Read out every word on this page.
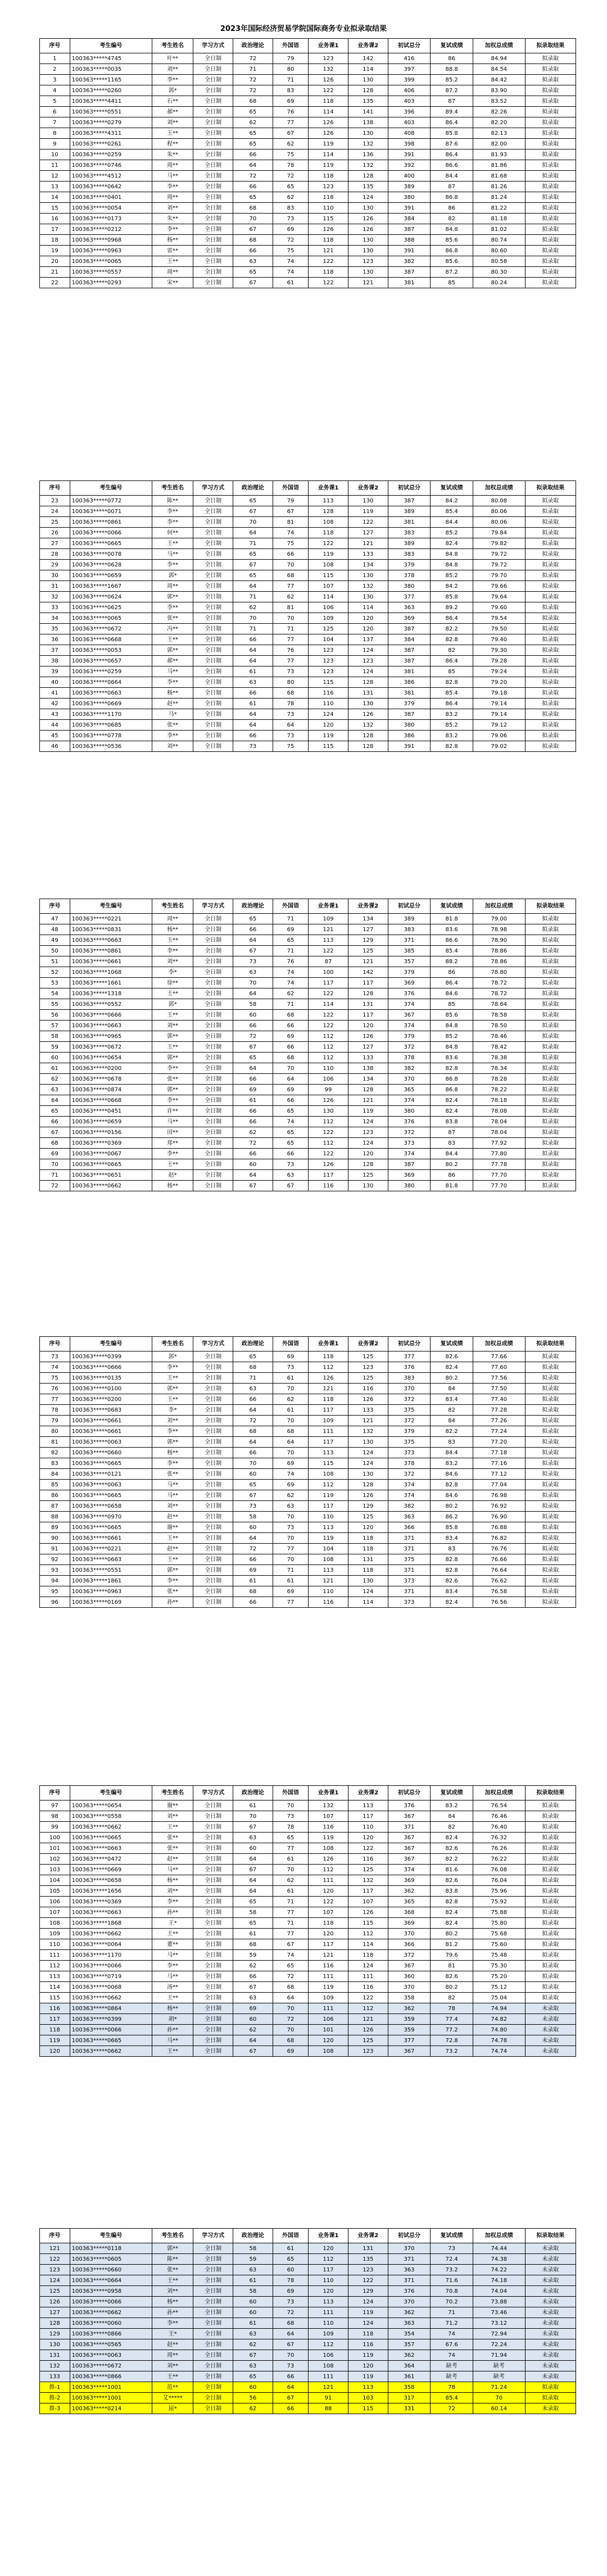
2023年国际经济贸易学院国际商务专业拟录取结果
序号	考生编号	考生姓名	学习方式	政治理论	外国语	业务课1	业务课2	初试总分	复试成绩	加权总成绩	拟录取结果
1	100363*****4745	叶**	全日制	72	79	123	142	416	86	84.94	拟录取
2	100363*****0035	刘**	全日制	71	80	132	114	397	88.8	84.54	拟录取
3	100363*****1165	李**	全日制	72	71	126	130	399	85.2	84.42	拟录取
4	100363*****0260	郭*	全日制	72	83	122	128	406	87.2	83.90	拟录取
5	100363*****4411	石**	全日制	68	69	118	135	403	87	83.52	拟录取
6	100363*****0551	郝**	全日制	65	76	114	141	396	89.4	82.26	拟录取
7	100363*****0279	刘**	全日制	62	77	126	138	403	86.4	82.20	拟录取
8	100363*****4311	王**	全日制	65	67	126	130	408	85.8	82.13	拟录取
9	100363*****0261	程**	全日制	65	62	119	132	398	87.6	82.00	拟录取
10	100363*****0259	朱**	全日制	66	75	114	136	391	86.4	81.93	拟录取
11	100363*****0746	周**	全日制	64	78	119	132	392	86.6	81.86	拟录取
12	100363*****4512	马**	全日制	72	72	118	128	400	84.4	81.68	拟录取
13	100363*****0642	李**	全日制	66	65	123	135	389	87	81.26	拟录取
14	100363*****0401	周**	全日制	65	62	118	124	380	86.8	81.24	拟录取
15	100363*****0054	刘**	全日制	68	83	110	130	391	86	81.22	拟录取
16	100363*****0173	朱**	全日制	70	73	115	126	384	82	81.18	拟录取
17	100363*****0212	李**	全日制	67	69	126	126	387	84.8	81.02	拟录取
18	100363*****0968	杨**	全日制	68	72	118	130	388	85.6	80.74	拟录取
19	100363*****0963	雷**	全日制	66	75	121	130	391	86.8	80.60	拟录取
20	100363*****0065	王**	全日制	63	74	122	123	382	85.6	80.58	拟录取
21	100363*****0557	周**	全日制	65	74	118	130	387	87.2	80.30	拟录取
22	100363*****0293	宋**	全日制	67	61	122	121	381	85	80.24	拟录取
序号	考生编号	考生姓名	学习方式	政治理论	外国语	业务课1	业务课2	初试总分	复试成绩	加权总成绩	拟录取结果
23	100363*****0772	陈**	全日制	65	79	113	130	387	84.2	80.08	拟录取
24	100363*****0071	李**	全日制	67	67	128	119	389	85.4	80.06	拟录取
25	100363*****0861	李**	全日制	70	81	108	122	381	84.4	80.06	拟录取
26	100363*****0066	何**	全日制	64	74	118	127	383	85.2	79.84	拟录取
27	100363*****0665	王**	全日制	71	75	122	121	389	82.4	79.82	拟录取
28	100363*****0078	马**	全日制	65	66	119	133	383	84.8	79.72	拟录取
29	100363*****0628	李**	全日制	67	70	108	134	379	84.8	79.72	拟录取
30	100363*****0659	郭*	全日制	65	68	115	130	378	85.2	79.70	拟录取
31	100363*****1667	周**	全日制	64	77	107	132	380	84.2	79.66	拟录取
32	100363*****0624	郭**	全日制	71	62	114	130	377	85.8	79.64	拟录取
33	100363*****0625	李**	全日制	62	81	106	114	363	89.2	79.60	拟录取
34	100363*****0065	张**	全日制	70	70	109	120	369	86.4	79.54	拟录取
35	100363*****0672	冯**	全日制	71	71	125	120	387	82.2	79.50	拟录取
36	100363*****0668	王**	全日制	66	77	104	137	384	82.8	79.40	拟录取
37	100363*****0053	郭**	全日制	64	76	123	124	387	82	79.30	拟录取
38	100363*****0657	郝**	全日制	64	77	123	123	387	86.4	79.28	拟录取
39	100363*****0259	马**	全日制	61	73	123	124	381	85	79.24	拟录取
40	100363*****0664	李**	全日制	63	80	115	128	386	82.8	79.20	拟录取
41	100363*****0663	杨**	全日制	66	68	116	131	381	85.4	79.18	拟录取
42	100363*****0669	赵**	全日制	61	78	110	130	379	86.4	79.14	拟录取
43	100363*****1170	马*	全日制	64	73	124	126	387	83.2	79.14	拟录取
44	100363*****0685	张**	全日制	64	64	120	132	380	85.2	79.12	拟录取
45	100363*****0778	李**	全日制	66	73	119	128	386	83.2	79.06	拟录取
46	100363*****0536	刘**	全日制	73	75	115	128	391	82.8	79.02	拟录取
序号	考生编号	考生姓名	学习方式	政治理论	外国语	业务课1	业务课2	初试总分	复试成绩	加权总成绩	拟录取结果
47	100363*****0221	周**	全日制	65	71	109	134	389	81.8	79.00	拟录取
48	100363*****0831	杨**	全日制	66	69	121	127	383	83.6	78.98	拟录取
49	100363*****0663	王**	全日制	64	65	113	129	371	86.6	78.90	拟录取
50	100363*****0861	李**	全日制	67	71	122	125	385	85.4	78.86	拟录取
51	100363*****0661	刘**	全日制	73	76	87	121	357	88.2	78.86	拟录取
52	100363*****1068	李*	全日制	63	74	100	142	379	86	78.80	拟录取
53	100363*****1661	徐**	全日制	70	74	117	117	369	86.4	78.72	拟录取
54	100363*****1318	王**	全日制	64	62	122	128	376	84.6	78.72	拟录取
55	100363*****0552	郭*	全日制	58	71	114	131	374	85	78.64	拟录取
56	100363*****0666	王**	全日制	60	68	122	117	367	85.6	78.58	拟录取
57	100363*****0663	刘**	全日制	66	66	122	120	374	84.8	78.50	拟录取
58	100363*****0965	郭**	全日制	72	69	112	126	379	85.2	78.46	拟录取
59	100363*****0672	王**	全日制	67	66	112	127	372	84.8	78.42	拟录取
60	100363*****0654	郭**	全日制	65	68	112	133	378	83.6	78.38	拟录取
61	100363*****0200	李**	全日制	64	70	110	138	382	82.8	78.34	拟录取
62	100363*****0678	张**	全日制	66	64	106	134	370	86.8	78.28	拟录取
63	100363*****0874	郭**	全日制	69	69	99	128	365	86.8	78.22	拟录取
64	100363*****0668	李**	全日制	61	66	126	121	374	82.4	78.18	拟录取
65	100363*****0451	许**	全日制	66	65	130	119	380	82.4	78.08	拟录取
66	100363*****0659	马**	全日制	66	74	112	124	376	83.8	78.04	拟录取
67	100363*****0156	田**	全日制	62	65	122	123	372	87	78.04	拟录取
68	100363*****0369	郑**	全日制	72	65	112	124	373	83	77.92	拟录取
69	100363*****0067	李**	全日制	66	66	122	120	374	84.4	77.80	拟录取
70	100363*****0665	王**	全日制	60	73	126	128	387	80.2	77.78	拟录取
71	100363*****0651	赵*	全日制	64	63	117	125	369	86	77.70	拟录取
72	100363*****0662	杨**	全日制	67	67	116	130	380	81.8	77.70	拟录取
序号	考生编号	考生姓名	学习方式	政治理论	外国语	业务课1	业务课2	初试总分	复试成绩	加权总成绩	拟录取结果
73	100363*****0399	郭*	全日制	65	69	118	125	377	82.6	77.66	拟录取
74	100363*****0666	李**	全日制	68	73	112	123	376	82.4	77.60	拟录取
75	100363*****0135	王**	全日制	71	61	126	125	383	80.2	77.56	拟录取
76	100363*****0100	郭**	全日制	63	70	121	116	370	84	77.50	拟录取
77	100363*****0200	王**	全日制	66	62	118	126	372	83.4	77.40	拟录取
78	100363*****0683	李*	全日制	64	61	117	133	375	82	77.28	拟录取
79	100363*****0661	刘**	全日制	72	70	109	121	372	84	77.26	拟录取
80	100363*****0661	李**	全日制	68	68	111	132	379	82.2	77.24	拟录取
81	100363*****0063	郭**	全日制	64	64	117	130	375	83	77.20	拟录取
82	100363*****0660	杨**	全日制	66	70	113	124	373	84.4	77.18	拟录取
83	100363*****0665	李**	全日制	70	69	115	124	378	83.2	77.16	拟录取
84	100363*****0121	张**	全日制	60	74	108	130	372	84.6	77.12	拟录取
85	100363*****0063	马**	全日制	65	69	112	128	374	82.8	77.04	拟录取
86	100363*****0665	马**	全日制	67	62	119	126	374	84.6	76.98	拟录取
87	100363*****0658	刘**	全日制	73	63	117	129	382	80.2	76.92	拟录取
88	100363*****0970	赵**	全日制	58	70	110	125	363	86.2	76.90	拟录取
89	100363*****0665	谢**	全日制	60	73	113	120	366	85.8	76.88	拟录取
90	100363*****0661	王**	全日制	64	70	119	118	371	83.4	76.82	拟录取
91	100363*****0221	赵**	全日制	72	77	104	118	371	83	76.76	拟录取
92	100363*****0663	王**	全日制	66	70	108	131	375	82.8	76.66	拟录取
93	100363*****0551	郭**	全日制	69	71	113	118	371	82.8	76.64	拟录取
94	100363*****1861	李**	全日制	61	61	121	130	373	82.6	76.62	拟录取
95	100363*****0963	张**	全日制	68	69	110	124	371	83.4	76.58	拟录取
96	100363*****0169	孙**	全日制	66	77	116	114	373	82.4	76.56	拟录取
序号	考生编号	考生姓名	学习方式	政治理论	外国语	业务课1	业务课2	初试总分	复试成绩	加权总成绩	拟录取结果
97	100363*****0654	谢**	全日制	61	70	132	113	376	83.2	76.54	拟录取
98	100363*****0558	刘**	全日制	70	73	107	117	367	84	76.46	拟录取
99	100363*****0662	王**	全日制	67	78	116	110	371	82	76.40	拟录取
100	100363*****0665	张**	全日制	63	65	119	120	367	82.4	76.32	拟录取
101	100363*****0663	张**	全日制	60	77	108	122	367	82.6	76.26	拟录取
102	100363*****0472	赵**	全日制	64	61	126	116	367	82.2	76.22	拟录取
103	100363*****0669	马**	全日制	67	70	112	125	374	81.6	76.08	拟录取
104	100363*****0658	杨**	全日制	64	62	111	132	369	82.6	76.04	拟录取
105	100363*****1656	刘**	全日制	64	61	120	117	362	83.8	75.96	拟录取
106	100363*****0369	李**	全日制	65	71	122	107	365	82.8	75.92	拟录取
107	100363*****0663	孙**	全日制	58	77	107	126	368	82.4	75.88	拟录取
108	100363*****1868	王*	全日制	65	71	118	115	369	82.4	75.80	拟录取
109	100363*****0662	王**	全日制	61	77	120	112	370	80.2	75.68	拟录取
110	100363*****0064	董**	全日制	68	67	117	114	366	81.2	75.60	拟录取
111	100363*****1170	马**	全日制	59	74	121	118	372	79.6	75.48	拟录取
112	100363*****0066	李**	全日制	62	65	116	124	367	81	75.30	拟录取
113	100363*****0719	马**	全日制	66	72	111	111	360	82.6	75.20	拟录取
114	100363*****0068	汤**	全日制	67	68	119	116	370	80.2	75.12	拟录取
115	100363*****0662	王**	全日制	63	64	109	122	358	82	75.04	拟录取
116	100363*****0864	杨**	全日制	69	70	111	112	362	78	74.94	未录取
117	100363*****0399	胡*	全日制	60	72	106	121	359	77.4	74.82	未录取
118	100363*****0066	孙**	全日制	62	70	101	126	359	77.2	74.80	未录取
119	100363*****0665	马**	全日制	64	68	120	125	377	72.8	74.78	未录取
120	100363*****0662	王**	全日制	67	69	108	123	367	73.2	74.74	未录取
序号	考生编号	考生姓名	学习方式	政治理论	外国语	业务课1	业务课2	初试总分	复试成绩	加权总成绩	拟录取结果
121	100363*****0118	郭**	全日制	58	61	120	131	370	73	74.44	未录取
122	100363*****0605	陈**	全日制	59	65	112	135	371	72.4	74.38	未录取
123	100363*****0660	张**	全日制	63	60	117	123	363	73.2	74.22	未录取
124	100363*****0664	王**	全日制	61	78	110	122	371	71.6	74.18	未录取
125	100363*****0958	刘**	全日制	58	69	120	129	376	70.8	74.04	未录取
126	100363*****0066	杨**	全日制	60	73	113	124	370	70.2	73.88	未录取
127	100363*****0662	孙**	全日制	60	72	111	119	362	71	73.46	未录取
128	100363*****0060	李**	全日制	61	68	110	124	363	71.2	73.12	未录取
129	100363*****0866	王*	全日制	63	64	109	118	354	74	72.94	未录取
130	100363*****0565	赵**	全日制	62	67	112	116	357	67.6	72.24	未录取
131	100363*****0063	周**	全日制	67	70	106	119	362	74	71.94	未录取
132	100363*****0672	刘**	全日制	63	73	108	120	364	缺考	缺考	未录取
133	100363*****0866	王**	全日制	65	66	111	119	361	缺考	缺考	未录取
推-1	100363*****1001	范**	全日制	60	64	121	113	358	78	71.24	拟录取
推-2	100363*****1001	艾*****	全日制	56	67	91	103	317	85.4	70	拟录取
推-3	100363*****0214	屈*	全日制	62	66	88	115	331	72	60.14	未录取
